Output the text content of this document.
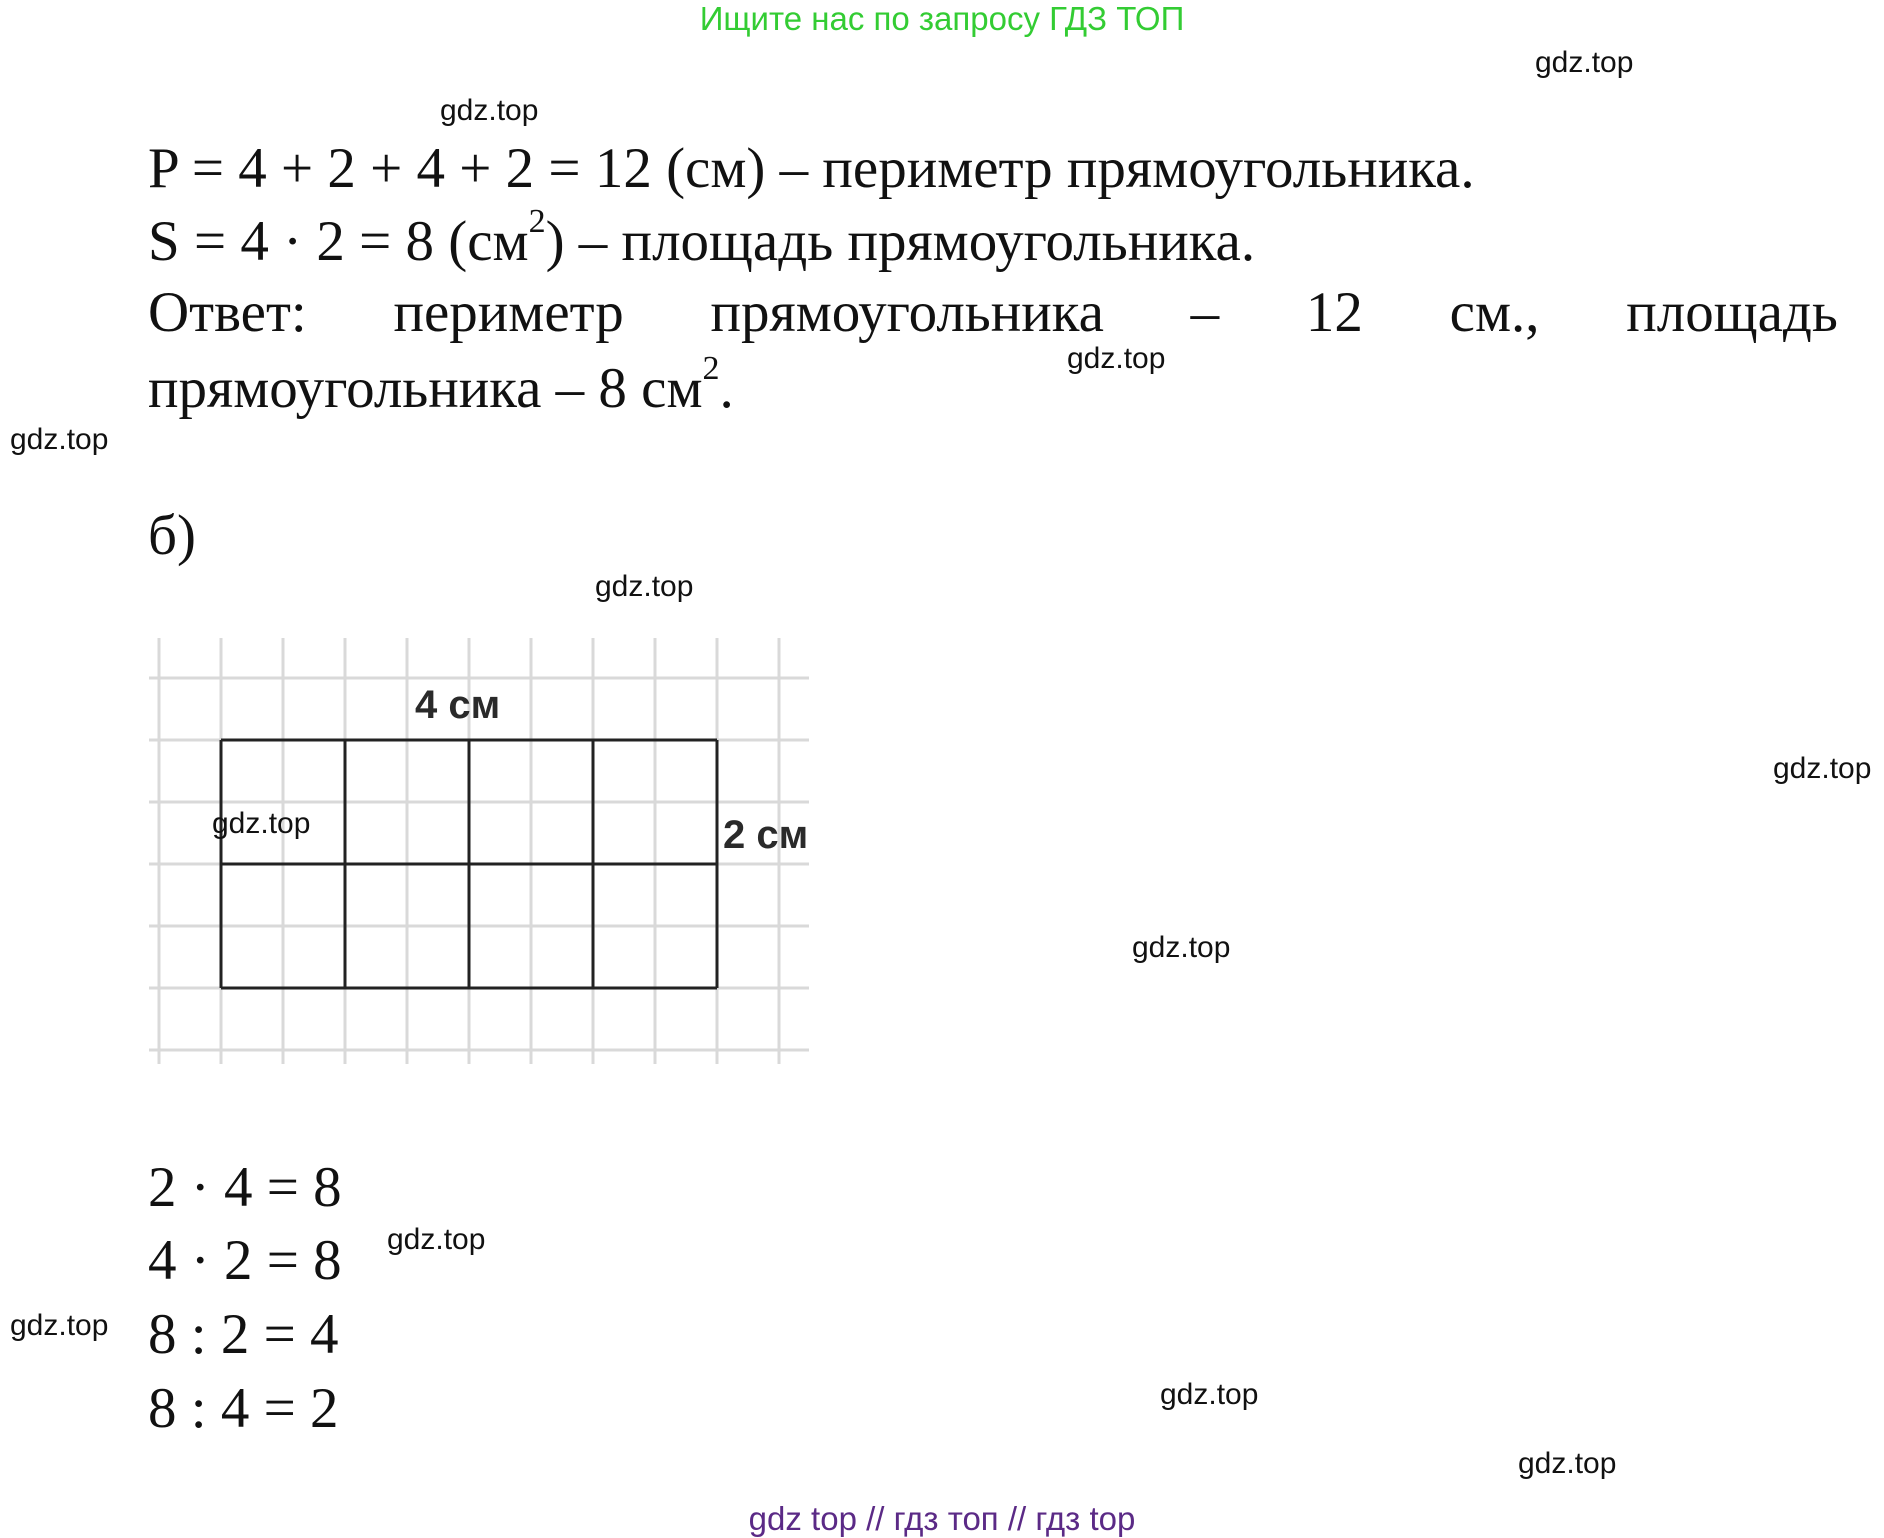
Ищите нас по запросу ГДЗ ТОП
gdz.top
gdz.top
P = 4 + 2 + 4 + 2 = 12 (см) – периметр прямоугольника.
S = 4 · 2 = 8 $(см^2)$ – площадь прямоугольника.
Ответ: периметр прямоугольника – 12 см., площадь
gdz.top
прямоугольника – 8 $см^2$.
gdz.top
б)
gdz.top
4 см
2 см
gdz.top
gdz.top
gdz.top
2 · 4 = 8
4 · 2 = 8
8 : 2 = 4
8 : 4 = 2
gdz.top
gdz.top
gdz.top
gdz.top
gdz top // гдз топ // гдз top
